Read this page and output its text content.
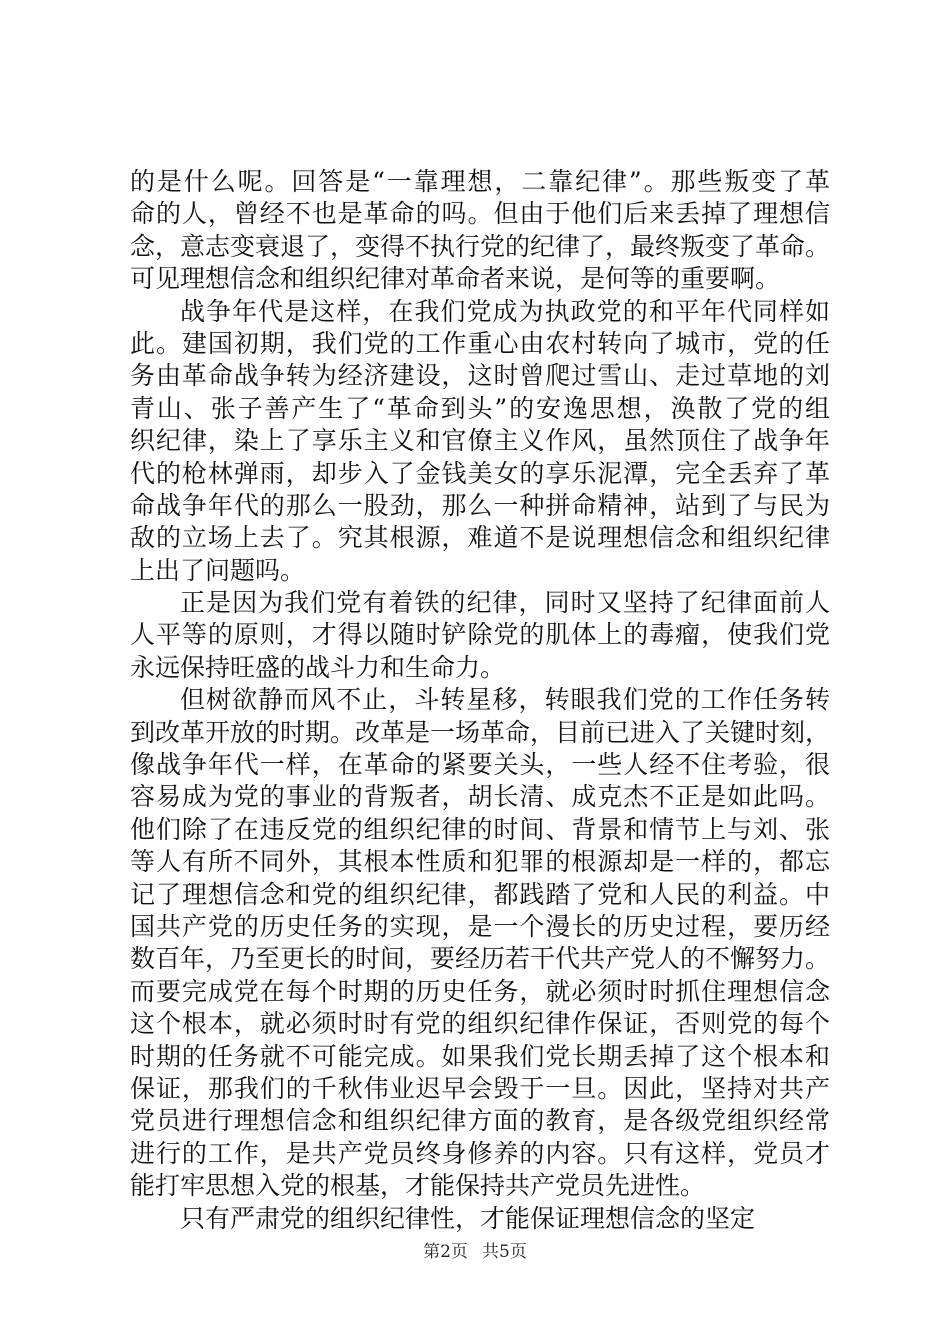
的是什么呢。回答是“一靠理想，二靠纪律”。那些叛变了革
命的人，曾经不也是革命的吗。但由于他们后来丢掉了理想信
念，意志变衰退了，变得不执行党的纪律了，最终叛变了革命。
可见理想信念和组织纪律对革命者来说，是何等的重要啊。
战争年代是这样，在我们党成为执政党的和平年代同样如
此。建国初期，我们党的工作重心由农村转向了城市，党的任
务由革命战争转为经济建设，这时曾爬过雪山、走过草地的刘
青山、张子善产生了“革命到头”的安逸思想，涣散了党的组
织纪律，染上了享乐主义和官僚主义作风，虽然顶住了战争年
代的枪林弹雨，却步入了金钱美女的享乐泥潭，完全丢弃了革
命战争年代的那么一股劲，那么一种拼命精神，站到了与民为
敌的立场上去了。究其根源，难道不是说理想信念和组织纪律
上出了问题吗。
正是因为我们党有着铁的纪律，同时又坚持了纪律面前人
人平等的原则，才得以随时铲除党的肌体上的毒瘤，使我们党
永远保持旺盛的战斗力和生命力。
但树欲静而风不止，斗转星移，转眼我们党的工作任务转
到改革开放的时期。改革是一场革命，目前已进入了关键时刻，
像战争年代一样，在革命的紧要关头，一些人经不住考验，很
容易成为党的事业的背叛者，胡长清、成克杰不正是如此吗。
他们除了在违反党的组织纪律的时间、背景和情节上与刘、张
等人有所不同外，其根本性质和犯罪的根源却是一样的，都忘
记了理想信念和党的组织纪律，都践踏了党和人民的利益。中
国共产党的历史任务的实现，是一个漫长的历史过程，要历经
数百年，乃至更长的时间，要经历若干代共产党人的不懈努力。
而要完成党在每个时期的历史任务，就必须时时抓住理想信念
这个根本，就必须时时有党的组织纪律作保证，否则党的每个
时期的任务就不可能完成。如果我们党长期丢掉了这个根本和
保证，那我们的千秋伟业迟早会毁于一旦。因此，坚持对共产
党员进行理想信念和组织纪律方面的教育，是各级党组织经常
进行的工作，是共产党员终身修养的内容。只有这样，党员才
能打牢思想入党的根基，才能保持共产党员先进性。
只有严肃党的组织纪律性，才能保证理想信念的坚定
第2页 共5页
